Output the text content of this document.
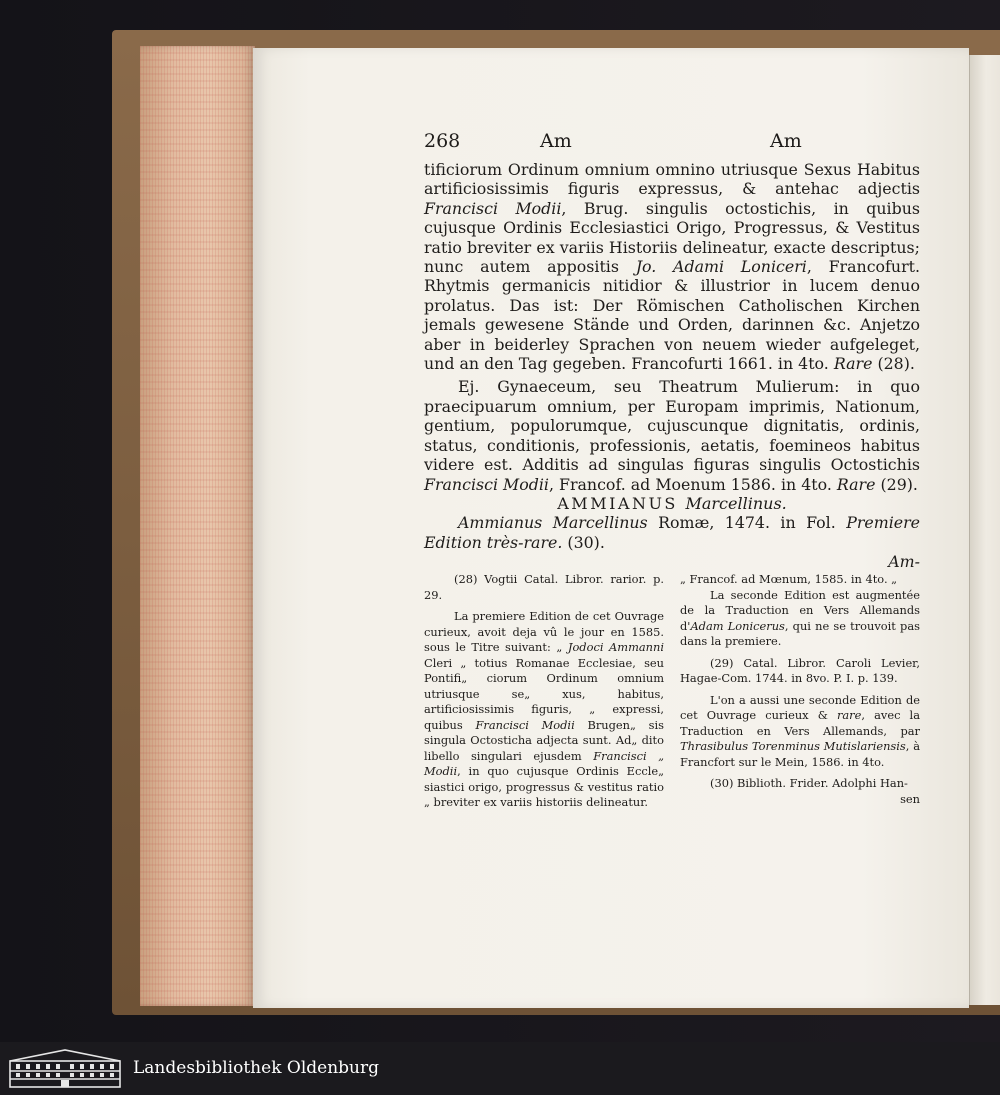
268	Am	Am

tificiorum Ordinum omnium omnino utriusque Sexus Habitus artificiosissimis figuris expressus, & antehac adjectis Francisci Modii, Brug. singulis octostichis, in quibus cujusque Ordinis Ecclesiastici Origo, Progressus, & Vestitus ratio breviter ex variis Historiis delineatur, exacte descriptus; nunc autem appositis Jo. Adami Loniceri, Francofurt. Rhytmis germanicis nitidior & illustrior in lucem denuo prolatus. Das ist: Der Römischen Catholischen Kirchen jemals gewesene Stände und Orden, darinnen &c. Anjetzo aber in beiderley Sprachen von neuem wieder aufgeleget, und an den Tag gegeben. Francofurti 1661. in 4to. Rare (28).

Ej. Gynaeceum, seu Theatrum Mulierum: in quo praecipuarum omnium, per Europam imprimis, Nationum, gentium, populorumque, cujuscunque dignitatis, ordinis, status, conditionis, professionis, aetatis, foemineos habitus videre est. Additis ad singulas figuras singulis Octostichis Francisci Modii, Francof. ad Moenum 1586. in 4to. Rare (29).

AMMIANUS Marcellinus.

Ammianus Marcellinus Romæ, 1474. in Fol. Premiere Edition très-rare. (30).

Am-

(28) Vogtii Catal. Libror. rarior. p. 29.

La premiere Edition de cet Ouvrage curieux, avoit deja vû le jour en 1585. sous le Titre suivant: „ Jodoci Ammanni Cleri „ totius Romanae Ecclesiae, seu Pontifi„ ciorum Ordinum omnium utriusque se„ xus, habitus, artificiosissimis figuris, „ expressi, quibus Francisci Modii Brugen„ sis singula Octosticha adjecta sunt. Ad„ dito libello singulari ejusdem Francisci „ Modii, in quo cujusque Ordinis Eccle„ siastici origo, progressus & vestitus ratio „ breviter ex variis historiis delineatur.

„ Francof. ad Mœnum, 1585. in 4to. „

La seconde Edition est augmentée de la Traduction en Vers Allemands d'Adam Lonicerus, qui ne se trouvoit pas dans la premiere.

(29) Catal. Libror. Caroli Levier, Hagae-Com. 1744. in 8vo. P. I. p. 139.

L'on a aussi une seconde Edition de cet Ouvrage curieux & rare, avec la Traduction en Vers Allemands, par Thrasibulus Torenminus Mutislariensis, à Francfort sur le Mein, 1586. in 4to.

(30) Biblioth. Frider. Adolphi Han-

sen

Landesbibliothek Oldenburg
